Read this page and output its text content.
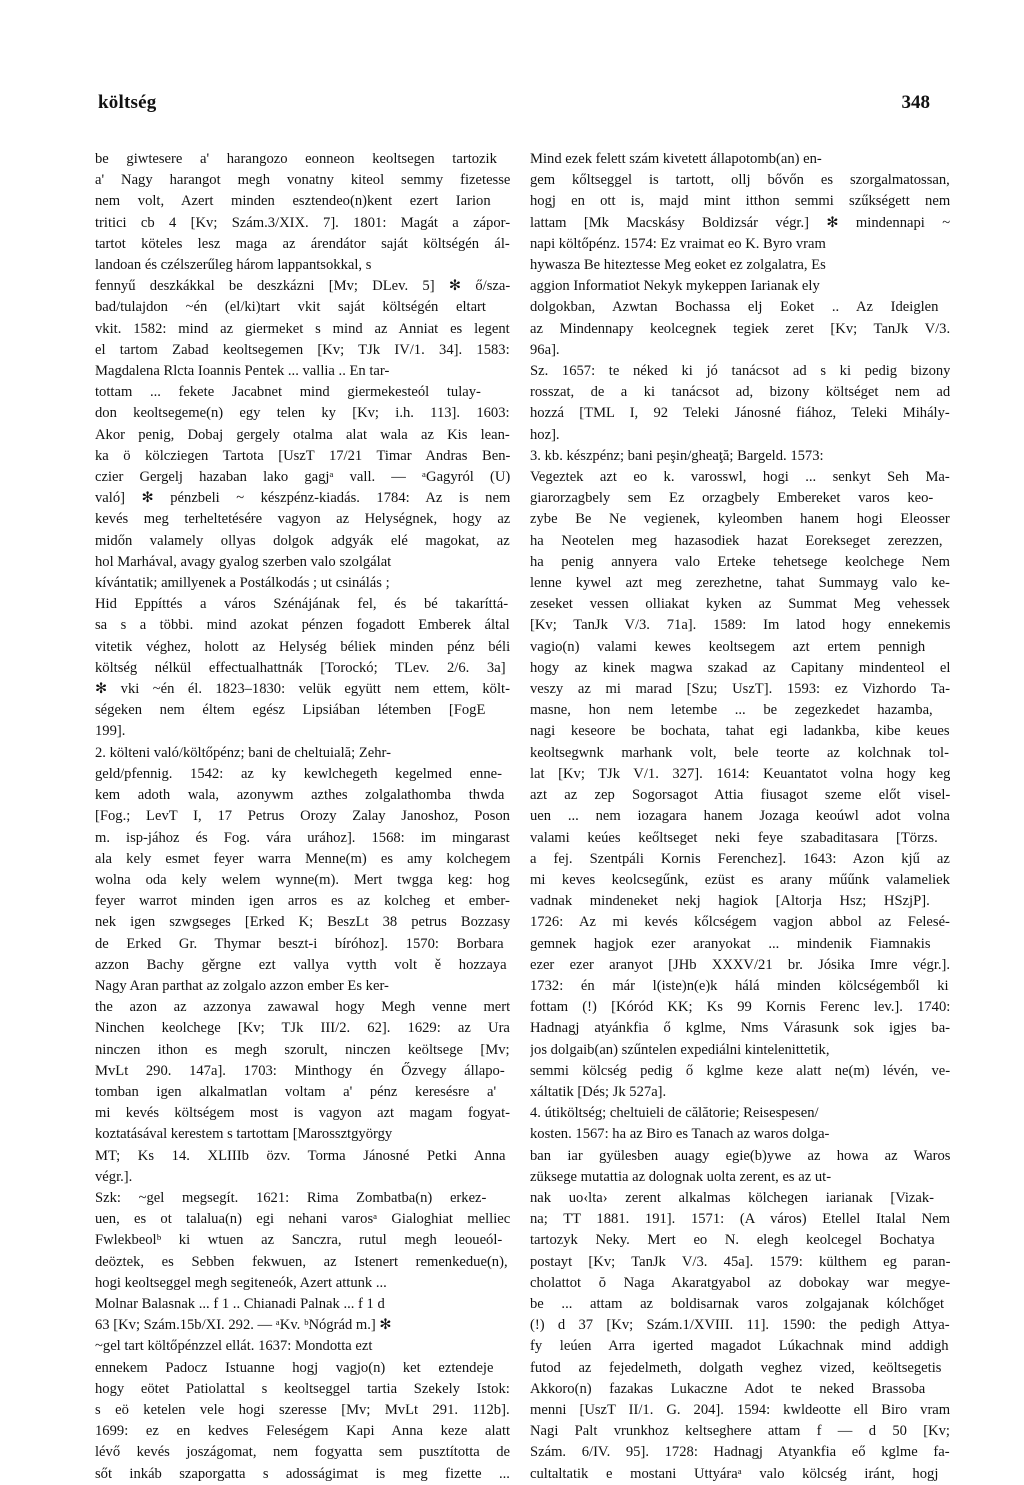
költség	348
be giwtesere a' harangozo eonneon keoltsegen tartozik
a' Nagy harangot megh vonatny kiteol semmy fizetesse
nem volt, Azert minden esztendeo(n)kent ezert Iarion
tritici cb 4 [Kv; Szám.3/XIX. 7]. 1801: Magát a zápor-
tartot köteles lesz maga az árendátor saját költségén ál-
landoan és czélszerűleg három lappantsokkal, s
fennyű deszkákkal be deszkázni [Mv; DLev. 5] ✻ ő/sza-
bad/tulajdon ~én (el/ki)tart vkit saját költségén eltart
vkit. 1582: mind az giermeket s mind az Anniat es legent
el tartom Zabad keoltsegemen [Kv; TJk IV/1. 34]. 1583:
Magdalena Rlcta Ioannis Pentek ... vallia .. En tar-
tottam ... fekete Jacabnet mind giermekesteól tulay-
don keoltsegeme(n) egy telen ky [Kv; i.h. 113]. 1603:
Akor penig, Dobaj gergely otalma alat wala az Kis lean-
ka ö kölcziegen Tartota [UszT 17/21 Timar Andras Ben-
czier Gergelj hazaban lako gagjᵃ vall. — ᵃGagyról (U)
való] ✻ pénzbeli ~ készpénz-kiadás. 1784: Az is nem
kevés meg terheltetésére vagyon az Helységnek, hogy az
midőn valamely ollyas dolgok adgyák elé magokat, az
hol Marhával, avagy gyalog szerben valo szolgálat
kívántatik; amillyenek a Postálkodás ; ut csinálás ;
Hid Eppíttés a város Szénájának fel, és bé takaríttá-
sa s a többi. mind azokat pénzen fogadott Emberek által
vitetik véghez, holott az Helység béliek minden pénz béli
költség nélkül effectualhattnák [Torockó; TLev. 2/6. 3a]
✻ vki ~én él. 1823–1830: velük együtt nem ettem, költ-
ségeken nem éltem egész Lipsiában létemben [FogE
199].
2. költeni való/költőpénz; bani de cheltuială; Zehr-
geld/pfennig. 1542: az ky kewlchegeth kegelmed enne-
kem adoth wala, azonywm azthes zolgalathomba thwda
[Fog.; LevT I, 17 Petrus Orozy Zalay Janoshoz, Poson
m. isp-jához és Fog. vára urához]. 1568: im mingarast
ala kely esmet feyer warra Menne(m) es amy kolchegem
wolna oda kely welem wynne(m). Mert twgga keg: hog
feyer warrot minden igen arros es az kolcheg et ember-
nek igen szwgseges [Erked K; BeszLt 38 petrus Bozzasy
de Erked Gr. Thymar beszt-i bíróhoz]. 1570: Borbara
azzon Bachy gěrgne ezt vallya vytth volt ě hozzaya
Nagy Aran parthat az zolgalo azzon ember Es ker-
the azon az azzonya zawawal hogy Megh venne mert
Ninchen keolchege [Kv; TJk III/2. 62]. 1629: az Ura
ninczen ithon es megh szorult, ninczen keöltsege [Mv;
MvLt 290. 147a]. 1703: Minthogy én Őzvegy állapo-
tomban igen alkalmatlan voltam a' pénz keresésre a'
mi kevés költségem most is vagyon azt magam fogyat-
koztatásával kerestem s tartottam [Marossztgyörgy
MT; Ks 14. XLIIIb özv. Torma Jánosné Petki Anna
végr.].
Szk: ~gel megsegít. 1621: Rima Zombatba(n) erkez-
uen, es ot talalua(n) egi nehani varosᵃ Gialoghiat melliec
Fwlekbeolᵇ ki wtuen az Sanczra, rutul megh leoueól-
deöztek, es Sebben fekwuen, az Istenert remenkedue(n),
hogi keoltseggel megh segiteneók, Azert attunk ...
Molnar Balasnak ... f 1 .. Chianadi Palnak ... f 1 d
63 [Kv; Szám.15b/XI. 292. — ᵃKv. ᵇNógrád m.] ✻
~gel tart költőpénzzel ellát. 1637: Mondotta ezt
ennekem Padocz Istuanne hogj vagjo(n) ket eztendeje
hogy eötet Patiolattal s keoltseggel tartia Szekely Istok:
s eö ketelen vele hogi szeresse [Mv; MvLt 291. 112b].
1699: ez en kedves Feleségem Kapi Anna keze alatt
lévő kevés joszágomat, nem fogyatta sem pusztította de
sőt inkáb szaporgatta s adosságimat is meg fizette ...
Mind ezek felett szám kivetett állapotomb(an) en-
gem kőltseggel is tartott, ollj bővőn es szorgalmatossan,
hogj en ott is, majd mint itthon semmi szűkségett nem
lattam [Mk Macskásy Boldizsár végr.] ✻ mindennapi ~
napi költőpénz. 1574: Ez vraimat eo K. Byro vram
hywasza Be hiteztesse Meg eoket ez zolgalatra, Es
aggion Informatiot Nekyk mykeppen Iarianak ely
dolgokban, Azwtan Bochassa elj Eoket .. Az Ideiglen
az Mindennapy keolcegnek tegiek zeret [Kv; TanJk V/3.
96a].
Sz. 1657: te néked ki jó tanácsot ad s ki pedig bizony
rosszat, de a ki tanácsot ad, bizony költséget nem ad
hozzá [TML I, 92 Teleki Jánosné fiához, Teleki Mihály-
hoz].
3. kb. készpénz; bani peşin/gheaţă; Bargeld. 1573:
Vegeztek azt eo k. varosswl, hogi ... senkyt Seh Ma-
giarorzagbely sem Ez orzagbely Embereket varos keo-
zybe Be Ne vegienek, kyleomben hanem hogi Eleosser
ha Neotelen meg hazasodiek hazat Eorekseget zerezzen,
ha penig annyera valo Erteke tehetsege keolchege Nem
lenne kywel azt meg zerezhetne, tahat Summayg valo ke-
zeseket vessen olliakat kyken az Summat Meg vehessek
[Kv; TanJk V/3. 71a]. 1589: Im latod hogy ennekemis
vagio(n) valami kewes keoltsegem azt ertem pennigh
hogy az kinek magwa szakad az Capitany mindenteol el
veszy az mi marad [Szu; UszT]. 1593: ez Vizhordo Ta-
masne, hon nem letembe ... be zegezkedet hazamba,
nagi keseore be bochata, tahat egi ladankba, kibe keues
keoltsegwnk marhank volt, bele teorte az kolchnak tol-
lat [Kv; TJk V/1. 327]. 1614: Keuantatot volna hogy keg
azt az zep Sogorsagot Attia fiusagot szeme előt visel-
uen ... nem iozagara hanem Jozaga keoúwl adot volna
valami keúes keőltseget neki feye szabaditasara [Törzs.
a fej. Szentpáli Kornis Ferenchez]. 1643: Azon kjű az
mi keves keolcsegűnk, ezüst es arany műűnk valameliek
vadnak mindeneket nekj hagiok [Altorja Hsz; HSzjP].
1726: Az mi kevés kőlcségem vagjon abbol az Felesé-
gemnek hagjok ezer aranyokat ... mindenik Fiamnakis
ezer ezer aranyot [JHb XXXV/21 br. Jósika Imre végr.].
1732: én már l(iste)n(e)k hálá minden kölcségemből ki
fottam (!) [Kóród KK; Ks 99 Kornis Ferenc lev.]. 1740:
Hadnagj atyánkfia ő kglme, Nms Várasunk sok igjes ba-
jos dolgaib(an) szűntelen expediálni kintelenittetik,
semmi kölcség pedig ő kglme keze alatt ne(m) lévén, ve-
xáltatik [Dés; Jk 527a].
4. útiköltség; cheltuieli de călătorie; Reisespesen/
kosten. 1567: ha az Biro es Tanach az waros dolga-
ban iar gyülesben auagy egie(b)ywe az howa az Waros
züksege mutattia az dolognak uolta zerent, es az ut-
nak uo‹lta› zerent alkalmas kölchegen iarianak [Vizak-
na; TT 1881. 191]. 1571: (A város) Etellel Italal Nem
tartozyk Neky. Mert eo N. elegh keolcegel Bochatya
postayt [Kv; TanJk V/3. 45a]. 1579: külthem eg paran-
cholattot ŏ Naga Akaratgyabol az dobokay war megye-
be ... attam az boldisarnak varos zolgajanak kólchőget
(!) d 37 [Kv; Szám.1/XVIII. 11]. 1590: the pedigh Attya-
fy leúen Arra igerted magadot Lúkachnak mind addigh
futod az fejedelmeth, dolgath veghez vized, keöltsegetis
Akkoro(n) fazakas Lukaczne Adot te neked Brassoba
menni [UszT II/1. G. 204]. 1594: kwldeotte ell Biro vram
Nagi Palt vrunkhoz keltseghere attam f — d 50 [Kv;
Szám. 6/IV. 95]. 1728: Hadnagj Atyankfia eő kglme fa-
cultaltatik e mostani Uttyáraᵃ valo kölcség iránt, hogj
